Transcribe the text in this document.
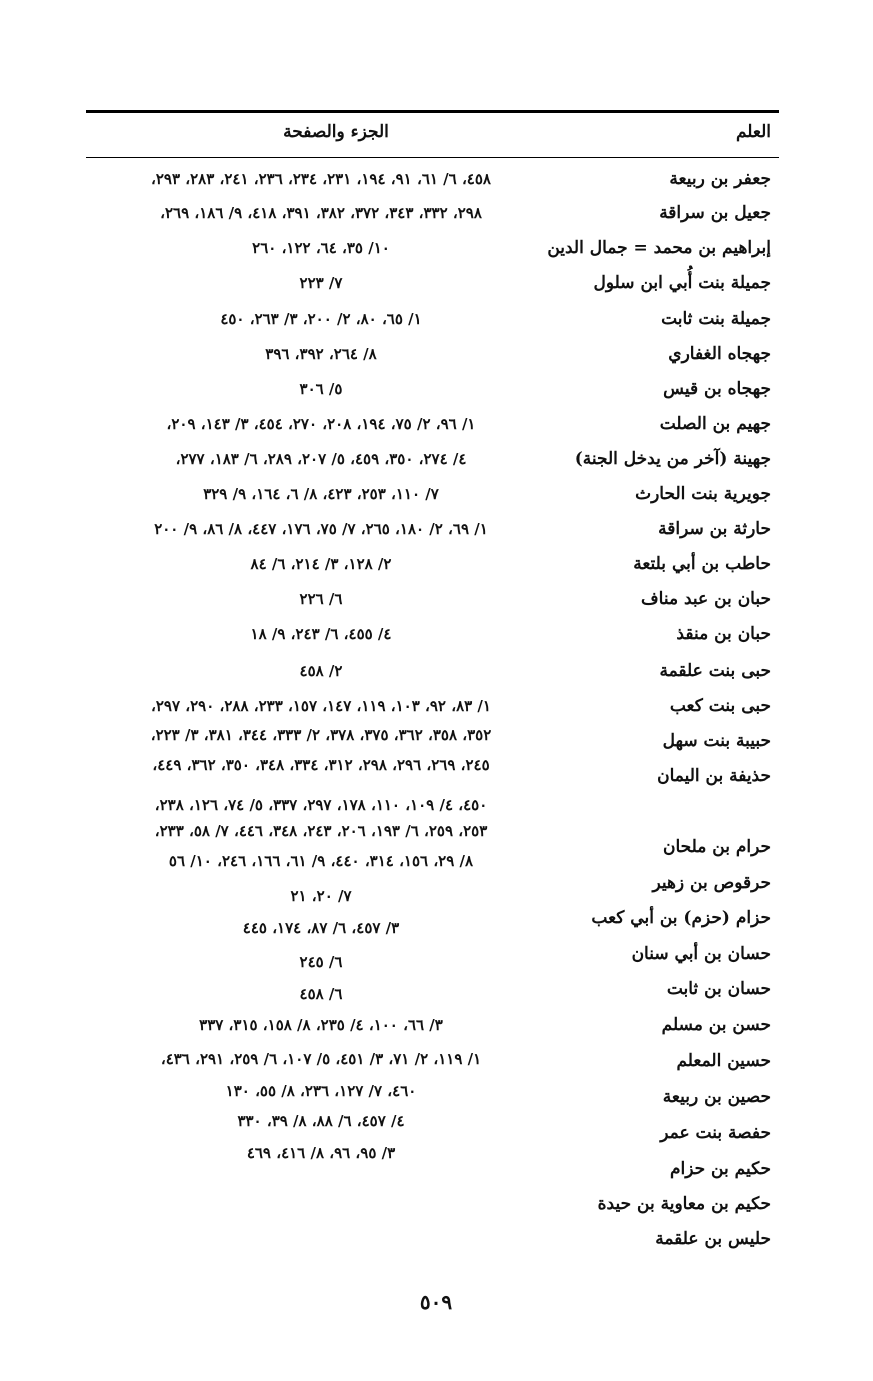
العلم
الجزء والصفحة
جعفر بن ربيعة
٤٥٨، ٦/ ٦١، ٩١، ١٩٤، ٢٣١، ٢٣٤، ٢٣٦، ٢٤١، ٢٨٣، ٢٩٣،
جعيل بن سراقة
٢٩٨، ٣٣٢، ٣٤٣، ٣٧٢، ٣٨٢، ٣٩١، ٤١٨، ٩/ ١٨٦، ٢٦٩،
إبراهيم بن محمد = جمال الدين
١٠/ ٣٥، ٦٤، ١٢٢، ٢٦٠
جميلة بنت أُبي ابن سلول
٧/ ٢٢٣
جميلة بنت ثابت
١/ ٦٥، ٨٠، ٢/ ٢٠٠، ٣/ ٢٦٣، ٤٥٠
جهجاه الغفاري
٨/ ٢٦٤، ٣٩٢، ٣٩٦
جهجاه بن قيس
٥/ ٣٠٦
جهيم بن الصلت
١/ ٩٦، ٢/ ٧٥، ١٩٤، ٢٠٨، ٢٧٠، ٤٥٤، ٣/ ١٤٣، ٢٠٩،
جهينة (آخر من يدخل الجنة)
٤/ ٢٧٤، ٣٥٠، ٤٥٩، ٥/ ٢٠٧، ٢٨٩، ٦/ ١٨٣، ٢٧٧،
جويرية بنت الحارث
٧/ ١١٠، ٢٥٣، ٤٢٣، ٨/ ٦، ١٦٤، ٩/ ٣٢٩
حارثة بن سراقة
١/ ٦٩، ٢/ ١٨٠، ٢٦٥، ٧/ ٧٥، ١٧٦، ٤٤٧، ٨/ ٨٦، ٩/ ٢٠٠
حاطب بن أبي بلتعة
٢/ ١٢٨، ٣/ ٢١٤، ٦/ ٨٤
حبان بن عبد مناف
٦/ ٢٢٦
حبان بن منقذ
٤/ ٤٥٥، ٦/ ٢٤٣، ٩/ ١٨
حبى بنت علقمة
٢/ ٤٥٨
حبى بنت كعب
١/ ٨٣، ٩٢، ١٠٣، ١١٩، ١٤٧، ١٥٧، ٢٣٣، ٢٨٨، ٢٩٠، ٢٩٧،
حبيبة بنت سهل
٣٥٢، ٣٥٨، ٣٦٢، ٣٧٥، ٣٧٨، ٢/ ٣٣٣، ٣٤٤، ٣٨١، ٣/ ٢٢٣،
حذيفة بن اليمان
٢٤٥، ٢٦٩، ٢٩٦، ٢٩٨، ٣١٢، ٣٣٤، ٣٤٨، ٣٥٠، ٣٦٢، ٤٤٩،
٤٥٠، ٤/ ١٠٩، ١١٠، ١٧٨، ٢٩٧، ٣٣٧، ٥/ ٧٤، ١٢٦، ٢٣٨،
حرام بن ملحان
٢٥٣، ٢٥٩، ٦/ ١٩٣، ٢٠٦، ٢٤٣، ٣٤٨، ٤٤٦، ٧/ ٥٨، ٢٣٣،
حرقوص بن زهير
٨/ ٢٩، ١٥٦، ٣١٤، ٤٤٠، ٩/ ٦١، ١٦٦، ٢٤٦، ١٠/ ٥٦
حزام (حزم) بن أبي كعب
٧/ ٢٠، ٢١
حسان بن أبي سنان
٣/ ٤٥٧، ٦/ ٨٧، ١٧٤، ٤٤٥
حسان بن ثابت
٦/ ٢٤٥
حسن بن مسلم
٦/ ٤٥٨
حسين المعلم
٣/ ٦٦، ١٠٠، ٤/ ٢٣٥، ٨/ ١٥٨، ٣١٥، ٣٣٧
حصين بن ربيعة
١/ ١١٩، ٢/ ٧١، ٣/ ٤٥١، ٥/ ١٠٧، ٦/ ٢٥٩، ٢٩١، ٤٣٦،
حفصة بنت عمر
٤٦٠، ٧/ ١٢٧، ٢٣٦، ٨/ ٥٥، ١٣٠
حكيم بن حزام
٤/ ٤٥٧، ٦/ ٨٨، ٨/ ٣٩، ٣٣٠
حكيم بن معاوية بن حيدة
٣/ ٩٥، ٩٦، ٨/ ٤١٦، ٤٦٩
حليس بن علقمة
٥٠٩
